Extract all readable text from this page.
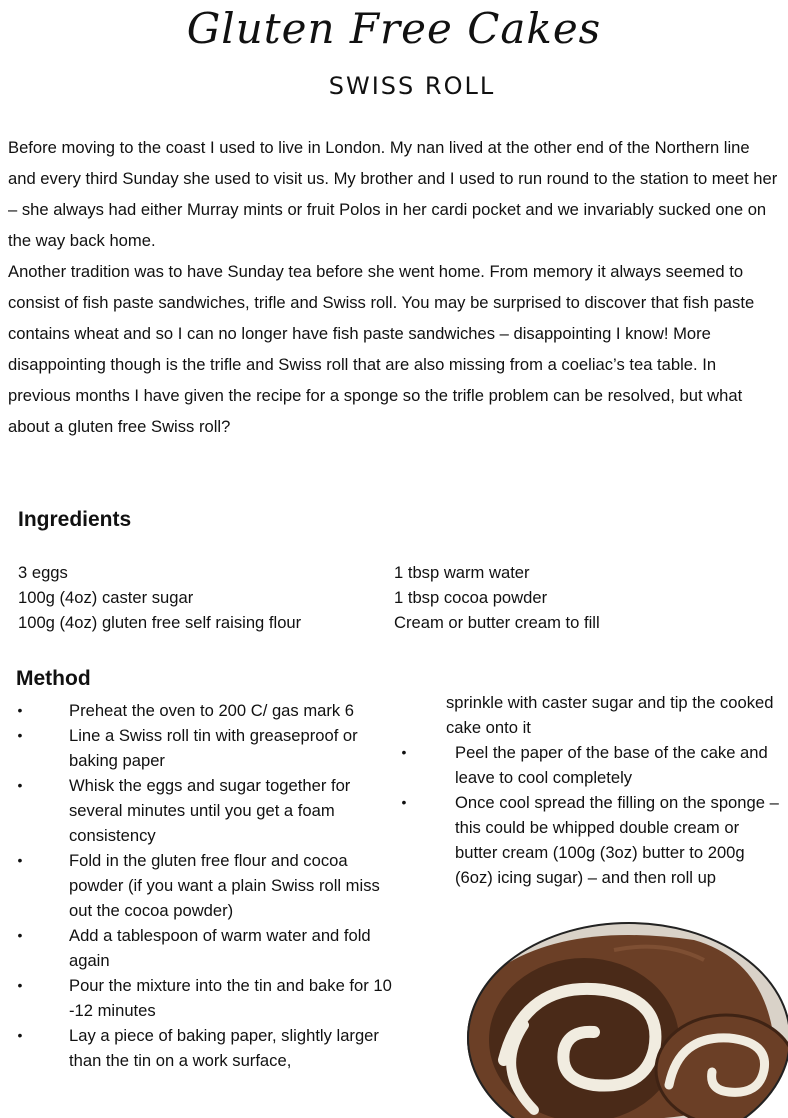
Gluten Free Cakes
SWISS ROLL

Before moving to the coast I used to live in London. My nan lived at the other end of the Northern line and every third Sunday she used to visit us. My brother and I used to run round to the station to meet her – she always had either Murray mints or fruit Polos in her cardi pocket and we invariably sucked one on the way back home.

Another tradition was to have Sunday tea before she went home. From memory it always seemed to consist of fish paste sandwiches, trifle and Swiss roll. You may be surprised to discover that fish paste contains wheat and so I can no longer have fish paste sandwiches – disappointing I know! More disappointing though is the trifle and Swiss roll that are also missing from a coeliac’s tea table. In previous months I have given the recipe for a sponge so the trifle problem can be resolved, but what about a gluten free Swiss roll?

Ingredients
3 eggs
100g (4oz) caster sugar
100g (4oz) gluten free self raising flour
1 tbsp warm water
1 tbsp cocoa powder
Cream or butter cream to fill
Method

•	Preheat the oven to 200 C/ gas mark 6

•	Line a Swiss roll tin with greaseproof or baking paper

•	Whisk the eggs and sugar together for several minutes until you get a foam consistency

•	Fold in the gluten free flour and cocoa powder (if you want a plain Swiss roll miss out the cocoa powder)

•	Add a tablespoon of warm water and fold again

•	Pour the mixture into the tin and bake for 10 -12 minutes

•	Lay a piece of baking paper, slightly larger than the tin on a work surface,

sprinkle with caster sugar and tip the cooked cake onto it

•	Peel the paper of the base of the cake and leave to cool completely

•	Once cool spread the filling on the sponge – this could be whipped double cream or butter cream (100g (3oz) butter to 200g (6oz) icing sugar) – and then roll up
